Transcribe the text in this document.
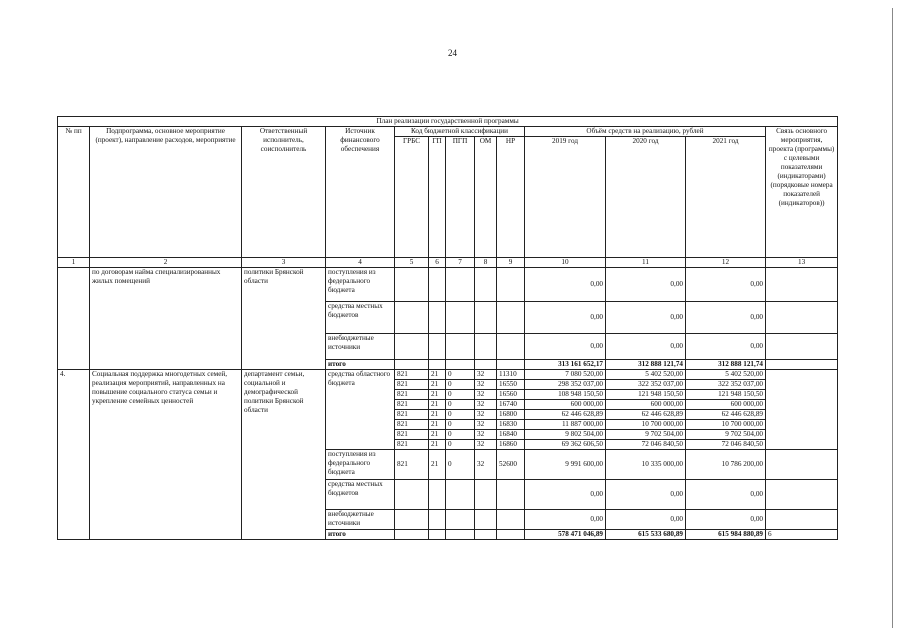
24
План реализации государственной программы												
№ пп	Подпрограмма, основное мероприятие (проект), направление расходов, мероприятие	Ответственный исполнитель, соисполнитель	Источник финансового обеспечения	Код бюджетной классификации					Объём средств на реализацию, рублей			Связь основного мероприятия, проекта (программы) с целевыми показателями (индикаторами) (порядковые номера показателей (индикаторов))
				ГРБС	ГП	ПГП	ОМ	НР	2019 год	2020 год	2021 год	
1	2	3	4	5	6	7	8	9	10	11	12	13
	по договорам найма специализированных жилых помещений	политики Брянской области	поступления из федерального бюджета						0,00	0,00	0,00	
			средства местных бюджетов						0,00	0,00	0,00	
			внебюджетные источники						0,00	0,00	0,00	
			итого						313 161 652,17	312 888 121,74	312 888 121,74	
4.	Социальная поддержка многодетных семей, реализация мероприятий, направленных на повышение социального статуса семьи и укрепление семейных ценностей	департамент семьи, социальной и демографической политики Брянской области	средства областного бюджета	821	21	0	32	11310	7 080 520,00	5 402 520,00	5 402 520,00	
				821	21	0	32	16550	298 352 037,00	322 352 037,00	322 352 037,00	
				821	21	0	32	16560	108 948 150,50	121 948 150,50	121 948 150,50	
				821	21	0	32	16740	600 000,00	600 000,00	600 000,00	
				821	21	0	32	16800	62 446 628,89	62 446 628,89	62 446 628,89	
				821	21	0	32	16830	11 887 000,00	10 700 000,00	10 700 000,00	
				821	21	0	32	16840	9 802 504,00	9 702 504,00	9 702 504,00	
				821	21	0	32	16860	69 362 606,50	72 046 840,50	72 046 840,50	
			поступления из федерального бюджета	821	21	0	32	52600	9 991 600,00	10 335 000,00	10 786 200,00	
			средства местных бюджетов						0,00	0,00	0,00	
			внебюджетные источники						0,00	0,00	0,00	
			итого						578 471 046,89	615 533 680,89	615 984 880,89	6
